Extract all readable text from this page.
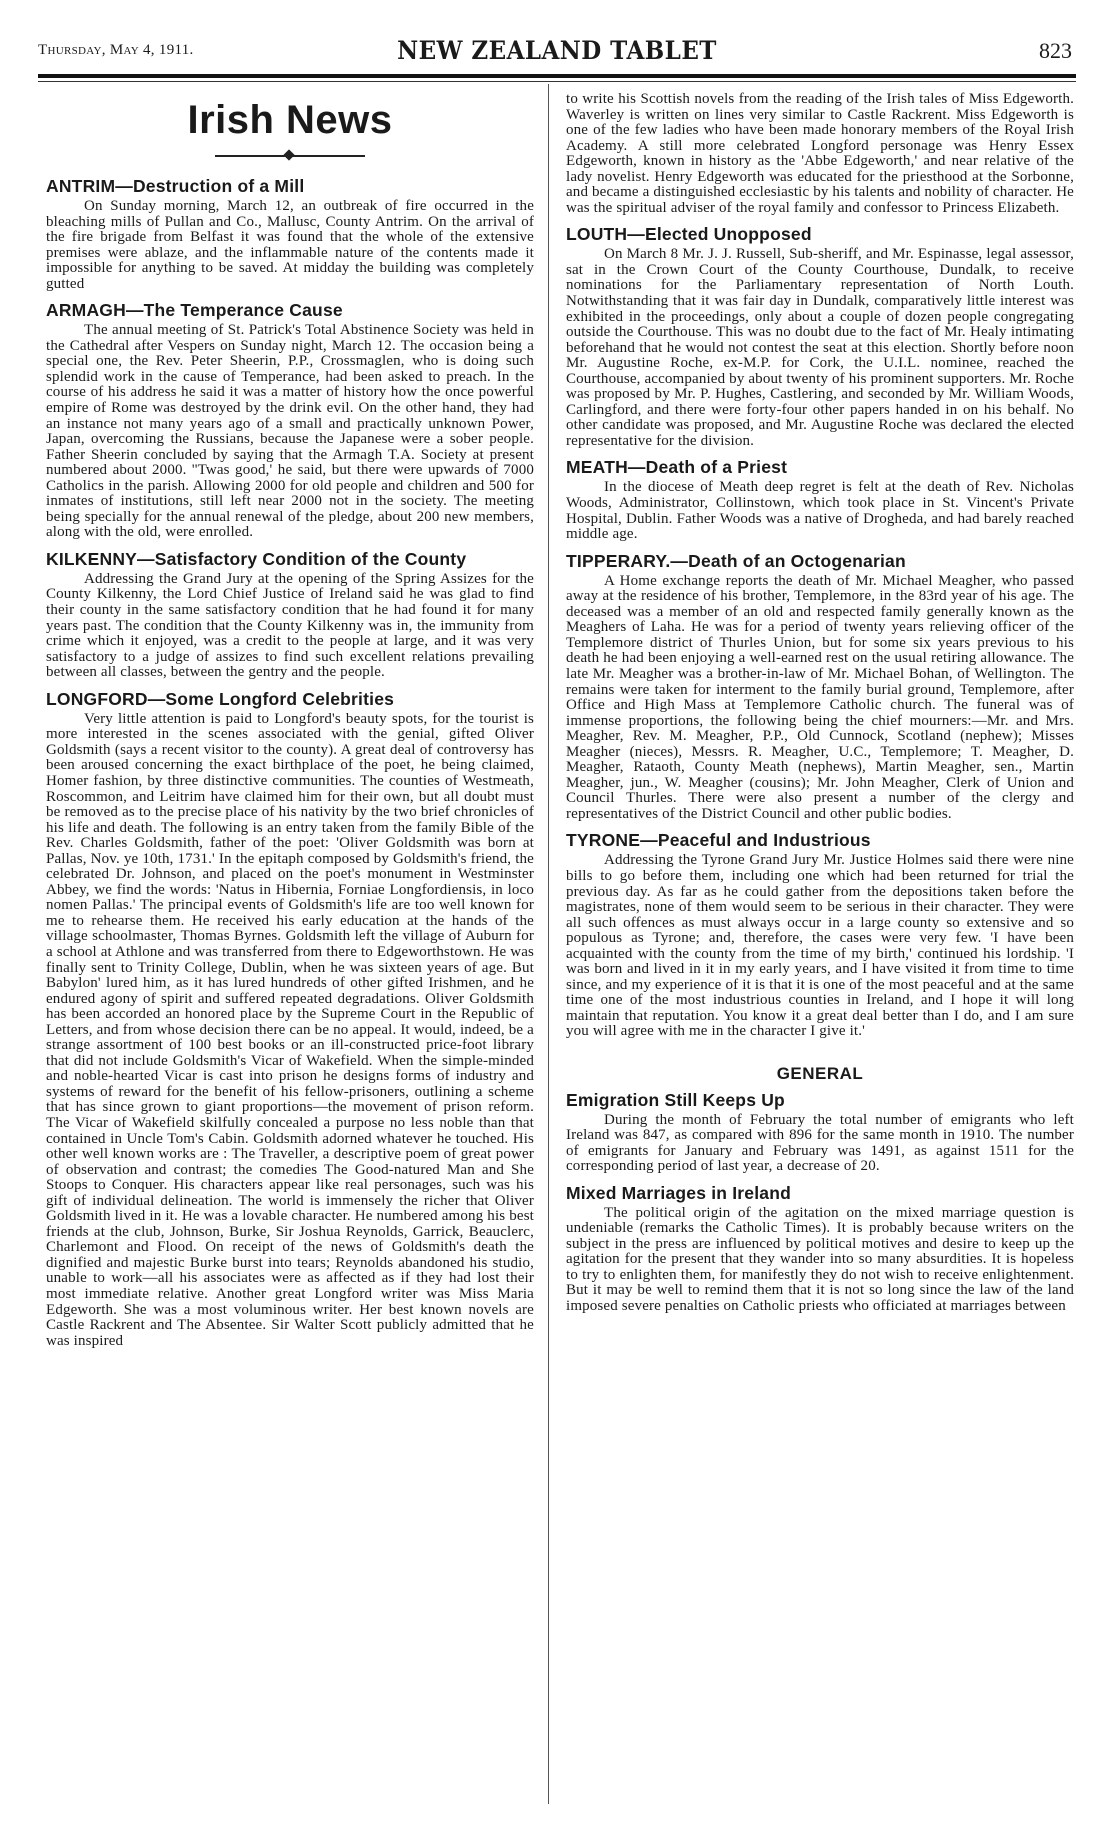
Thursday, May 4, 1911.	NEW ZEALAND TABLET	823
Irish News
ANTRIM—Destruction of a Mill

On Sunday morning, March 12, an outbreak of fire occurred in the bleaching mills of Pullan and Co., Mallusc, County Antrim. On the arrival of the fire brigade from Belfast it was found that the whole of the extensive premises were ablaze, and the inflammable nature of the contents made it impossible for anything to be saved. At midday the building was completely gutted

ARMAGH—The Temperance Cause

The annual meeting of St. Patrick's Total Abstinence Society was held in the Cathedral after Vespers on Sunday night, March 12. The occasion being a special one, the Rev. Peter Sheerin, P.P., Crossmaglen, who is doing such splendid work in the cause of Temperance, had been asked to preach. In the course of his address he said it was a matter of history how the once powerful empire of Rome was destroyed by the drink evil. On the other hand, they had an instance not many years ago of a small and practically unknown Power, Japan, overcoming the Russians, because the Japanese were a sober people. Father Sheerin concluded by saying that the Armagh T.A. Society at present numbered about 2000. ''Twas good,' he said, but there were upwards of 7000 Catholics in the parish. Allowing 2000 for old people and children and 500 for inmates of institutions, still left near 2000 not in the society. The meeting being specially for the annual renewal of the pledge, about 200 new members, along with the old, were enrolled.

KILKENNY—Satisfactory Condition of the County

Addressing the Grand Jury at the opening of the Spring Assizes for the County Kilkenny, the Lord Chief Justice of Ireland said he was glad to find their county in the same satisfactory condition that he had found it for many years past. The condition that the County Kilkenny was in, the immunity from crime which it enjoyed, was a credit to the people at large, and it was very satisfactory to a judge of assizes to find such excellent relations prevailing between all classes, between the gentry and the people.

LONGFORD—Some Longford Celebrities

Very little attention is paid to Longford's beauty spots, for the tourist is more interested in the scenes associated with the genial, gifted Oliver Goldsmith (says a recent visitor to the county). A great deal of controversy has been aroused concerning the exact birthplace of the poet, he being claimed, Homer fashion, by three distinctive communities. The counties of Westmeath, Roscommon, and Leitrim have claimed him for their own, but all doubt must be removed as to the precise place of his nativity by the two brief chronicles of his life and death. The following is an entry taken from the family Bible of the Rev. Charles Goldsmith, father of the poet: 'Oliver Goldsmith was born at Pallas, Nov. ye 10th, 1731.' In the epitaph composed by Goldsmith's friend, the celebrated Dr. Johnson, and placed on the poet's monument in Westminster Abbey, we find the words: 'Natus in Hibernia, Forniae Longfordiensis, in loco nomen Pallas.' The principal events of Goldsmith's life are too well known for me to rehearse them. He received his early education at the hands of the village schoolmaster, Thomas Byrnes. Goldsmith left the village of Auburn for a school at Athlone and was transferred from there to Edgeworthstown. He was finally sent to Trinity College, Dublin, when he was sixteen years of age. But Babylon' lured him, as it has lured hundreds of other gifted Irishmen, and he endured agony of spirit and suffered repeated degradations. Oliver Goldsmith has been accorded an honored place by the Supreme Court in the Republic of Letters, and from whose decision there can be no appeal. It would, indeed, be a strange assortment of 100 best books or an ill-constructed price-foot library that did not include Goldsmith's Vicar of Wakefield. When the simple-minded and noble-hearted Vicar is cast into prison he designs forms of industry and systems of reward for the benefit of his fellow-prisoners, outlining a scheme that has since grown to giant proportions—the movement of prison reform. The Vicar of Wakefield skilfully concealed a purpose no less noble than that contained in Uncle Tom's Cabin. Goldsmith adorned whatever he touched. His other well known works are : The Traveller, a descriptive poem of great power of observation and contrast; the comedies The Good-natured Man and She Stoops to Conquer. His characters appear like real personages, such was his gift of individual delineation. The world is immensely the richer that Oliver Goldsmith lived in it. He was a lovable character. He numbered among his best friends at the club, Johnson, Burke, Sir Joshua Reynolds, Garrick, Beauclerc, Charlemont and Flood. On receipt of the news of Goldsmith's death the dignified and majestic Burke burst into tears; Reynolds abandoned his studio, unable to work—all his associates were as affected as if they had lost their most immediate relative. Another great Longford writer was Miss Maria Edgeworth. She was a most voluminous writer. Her best known novels are Castle Rackrent and The Absentee. Sir Walter Scott publicly admitted that he was inspired

to write his Scottish novels from the reading of the Irish tales of Miss Edgeworth. Waverley is written on lines very similar to Castle Rackrent. Miss Edgeworth is one of the few ladies who have been made honorary members of the Royal Irish Academy. A still more celebrated Longford personage was Henry Essex Edgeworth, known in history as the 'Abbe Edgeworth,' and near relative of the lady novelist. Henry Edgeworth was educated for the priesthood at the Sorbonne, and became a distinguished ecclesiastic by his talents and nobility of character. He was the spiritual adviser of the royal family and confessor to Princess Elizabeth.

LOUTH—Elected Unopposed

On March 8 Mr. J. J. Russell, Sub-sheriff, and Mr. Espinasse, legal assessor, sat in the Crown Court of the County Courthouse, Dundalk, to receive nominations for the Parliamentary representation of North Louth. Notwithstanding that it was fair day in Dundalk, comparatively little interest was exhibited in the proceedings, only about a couple of dozen people congregating outside the Courthouse. This was no doubt due to the fact of Mr. Healy intimating beforehand that he would not contest the seat at this election. Shortly before noon Mr. Augustine Roche, ex-M.P. for Cork, the U.I.L. nominee, reached the Courthouse, accompanied by about twenty of his prominent supporters. Mr. Roche was proposed by Mr. P. Hughes, Castlering, and seconded by Mr. William Woods, Carlingford, and there were forty-four other papers handed in on his behalf. No other candidate was proposed, and Mr. Augustine Roche was declared the elected representative for the division.

MEATH—Death of a Priest

In the diocese of Meath deep regret is felt at the death of Rev. Nicholas Woods, Administrator, Collinstown, which took place in St. Vincent's Private Hospital, Dublin. Father Woods was a native of Drogheda, and had barely reached middle age.

TIPPERARY.—Death of an Octogenarian

A Home exchange reports the death of Mr. Michael Meagher, who passed away at the residence of his brother, Templemore, in the 83rd year of his age. The deceased was a member of an old and respected family generally known as the Meaghers of Laha. He was for a period of twenty years relieving officer of the Templemore district of Thurles Union, but for some six years previous to his death he had been enjoying a well-earned rest on the usual retiring allowance. The late Mr. Meagher was a brother-in-law of Mr. Michael Bohan, of Wellington. The remains were taken for interment to the family burial ground, Templemore, after Office and High Mass at Templemore Catholic church. The funeral was of immense proportions, the following being the chief mourners:—Mr. and Mrs. Meagher, Rev. M. Meagher, P.P., Old Cunnock, Scotland (nephew); Misses Meagher (nieces), Messrs. R. Meagher, U.C., Templemore; T. Meagher, D. Meagher, Rataoth, County Meath (nephews), Martin Meagher, sen., Martin Meagher, jun., W. Meagher (cousins); Mr. John Meagher, Clerk of Union and Council Thurles. There were also present a number of the clergy and representatives of the District Council and other public bodies.

TYRONE—Peaceful and Industrious

Addressing the Tyrone Grand Jury Mr. Justice Holmes said there were nine bills to go before them, including one which had been returned for trial the previous day. As far as he could gather from the depositions taken before the magistrates, none of them would seem to be serious in their character. They were all such offences as must always occur in a large county so extensive and so populous as Tyrone; and, therefore, the cases were very few. 'I have been acquainted with the county from the time of my birth,' continued his lordship. 'I was born and lived in it in my early years, and I have visited it from time to time since, and my experience of it is that it is one of the most peaceful and at the same time one of the most industrious counties in Ireland, and I hope it will long maintain that reputation. You know it a great deal better than I do, and I am sure you will agree with me in the character I give it.'

GENERAL
Emigration Still Keeps Up

During the month of February the total number of emigrants who left Ireland was 847, as compared with 896 for the same month in 1910. The number of emigrants for January and February was 1491, as against 1511 for the corresponding period of last year, a decrease of 20.

Mixed Marriages in Ireland

The political origin of the agitation on the mixed marriage question is undeniable (remarks the Catholic Times). It is probably because writers on the subject in the press are influenced by political motives and desire to keep up the agitation for the present that they wander into so many absurdities. It is hopeless to try to enlighten them, for manifestly they do not wish to receive enlightenment. But it may be well to remind them that it is not so long since the law of the land imposed severe penalties on Catholic priests who officiated at marriages between
